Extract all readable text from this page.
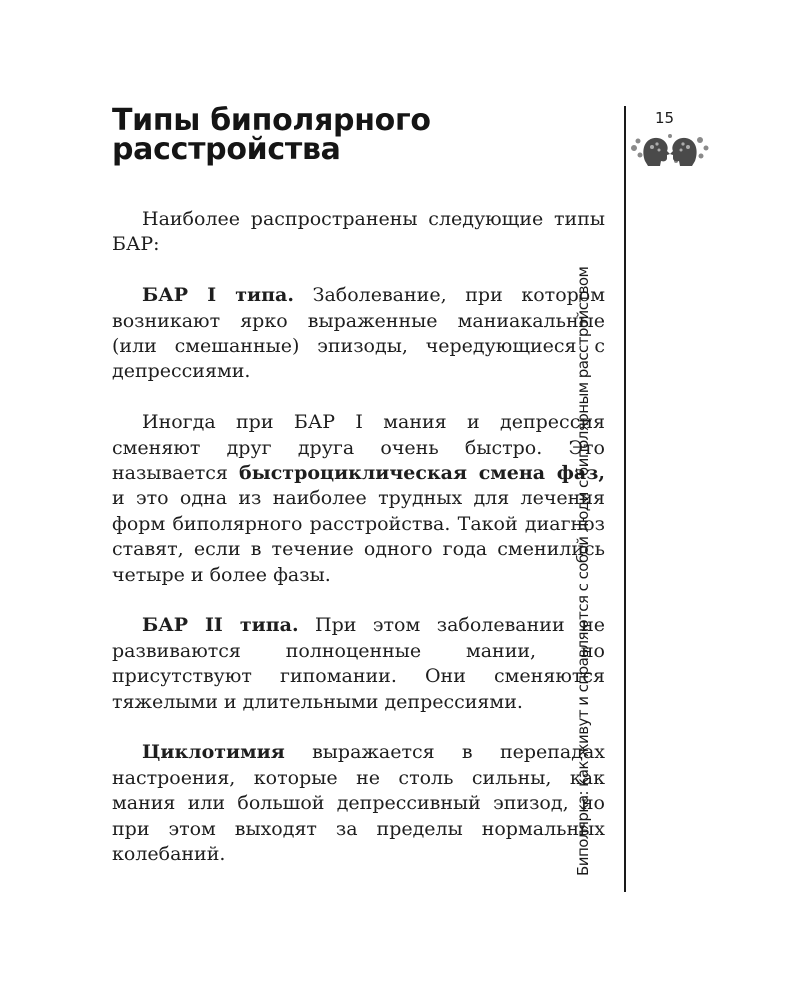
Типы биполярного расстройства

Наиболее распространены следующие типы БАР:

БАР I типа. Заболевание, при котором возникают ярко выраженные маниакальные (или смешанные) эпизоды, чередующиеся с депрессиями.

Иногда при БАР I мания и депрессия сменяют друг друга очень быстро. Это называется быстроциклическая смена фаз, и это одна из наиболее трудных для лечения форм биполярного расстройства. Такой диагноз ставят, если в течение одного года сменились четыре и более фазы.

БАР II типа. При этом заболевании не развиваются полноценные мании, но присутствуют гипомании. Они сменяются тяжелыми и длительными депрессиями.

Циклотимия выражается в перепадах настроения, которые не столь сильны, как мания или большой депрессивный эпизод, но при этом выходят за пределы нормальных колебаний.

15
Биполярка: как живут и справляются с собой люди с биполярным расстройством
